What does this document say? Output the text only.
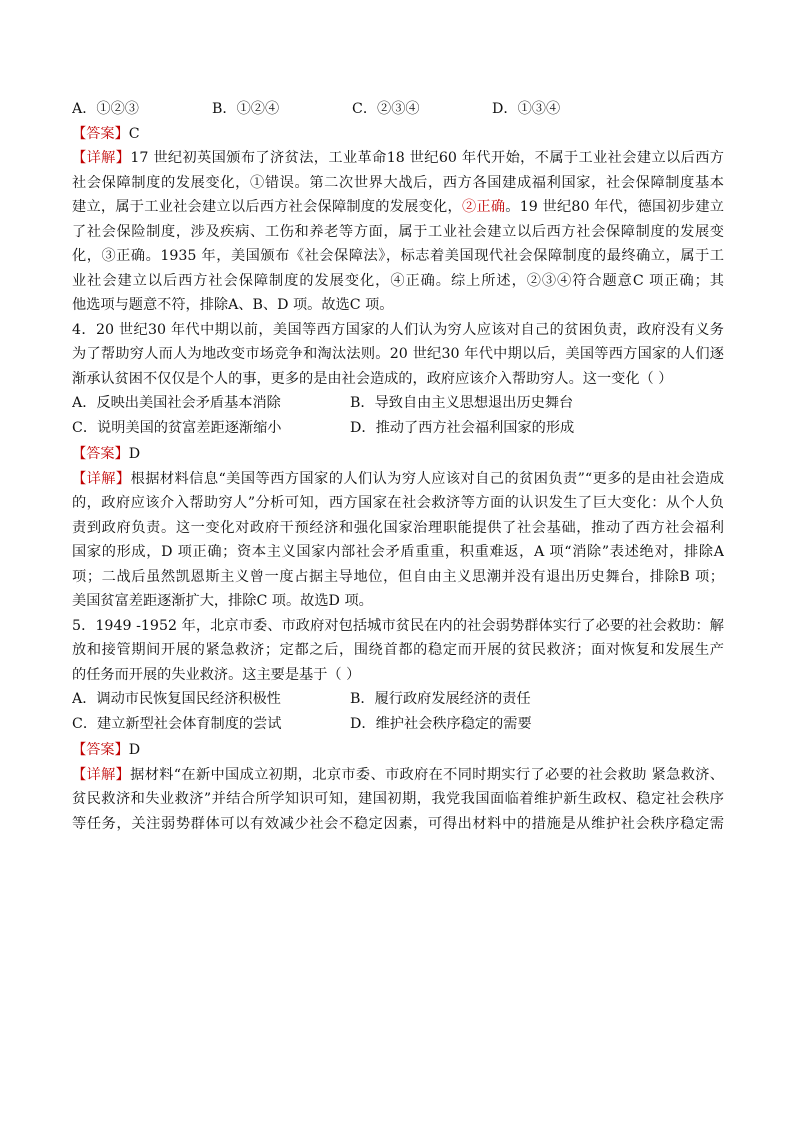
A．①②③	B．①②④	C．②③④	D．①③④
【答案】C
【详解】17 世纪初英国颁布了济贫法，工业革命18 世纪60 年代开始，不属于工业社会建立以后西方
社会保障制度的发展变化，①错误。第二次世界大战后，西方各国建成福利国家，社会保障制度基本
建立，属于工业社会建立以后西方社会保障制度的发展变化，②正确。19 世纪80 年代，德国初步建立
了社会保险制度，涉及疾病、工伤和养老等方面，属于工业社会建立以后西方社会保障制度的发展变
化，③正确。1935 年，美国颁布《社会保障法》，标志着美国现代社会保障制度的最终确立，属于工
业社会建立以后西方社会保障制度的发展变化，④正确。综上所述，②③④符合题意C 项正确；其
他选项与题意不符，排除A、B、D 项。故选C 项。
4．20 世纪30 年代中期以前，美国等西方国家的人们认为穷人应该对自己的贫困负责，政府没有义务
为了帮助穷人而人为地改变市场竞争和淘汰法则。20 世纪30 年代中期以后，美国等西方国家的人们逐
渐承认贫困不仅仅是个人的事，更多的是由社会造成的，政府应该介入帮助穷人。这一变化（ ）
A．反映出美国社会矛盾基本消除	B．导致自由主义思想退出历史舞台
C．说明美国的贫富差距逐渐缩小	D．推动了西方社会福利国家的形成
【答案】D
【详解】根据材料信息“美国等西方国家的人们认为穷人应该对自己的贫困负责”“更多的是由社会造成
的，政府应该介入帮助穷人”分析可知，西方国家在社会救济等方面的认识发生了巨大变化：从个人负
责到政府负责。这一变化对政府干预经济和强化国家治理职能提供了社会基础，推动了西方社会福利
国家的形成，D 项正确；资本主义国家内部社会矛盾重重，积重难返，A 项“消除”表述绝对，排除A
项；二战后虽然凯恩斯主义曾一度占据主导地位，但自由主义思潮并没有退出历史舞台，排除B 项；
美国贫富差距逐渐扩大，排除C 项。故选D 项。
5．1949 -1952 年，北京市委、市政府对包括城市贫民在内的社会弱势群体实行了必要的社会救助：解
放和接管期间开展的紧急救济；定都之后，围绕首都的稳定而开展的贫民救济；面对恢复和发展生产
的任务而开展的失业救济。这主要是基于（ ）
A．调动市民恢复国民经济积极性	B．履行政府发展经济的责任
C．建立新型社会体育制度的尝试	D．维护社会秩序稳定的需要
【答案】D
【详解】据材料“在新中国成立初期，北京市委、市政府在不同时期实行了必要的社会救助 紧急救济、
贫民救济和失业救济”并结合所学知识可知，建国初期，我党我国面临着维护新生政权、稳定社会秩序
等任务，关注弱势群体可以有效减少社会不稳定因素，可得出材料中的措施是从维护社会秩序稳定需
